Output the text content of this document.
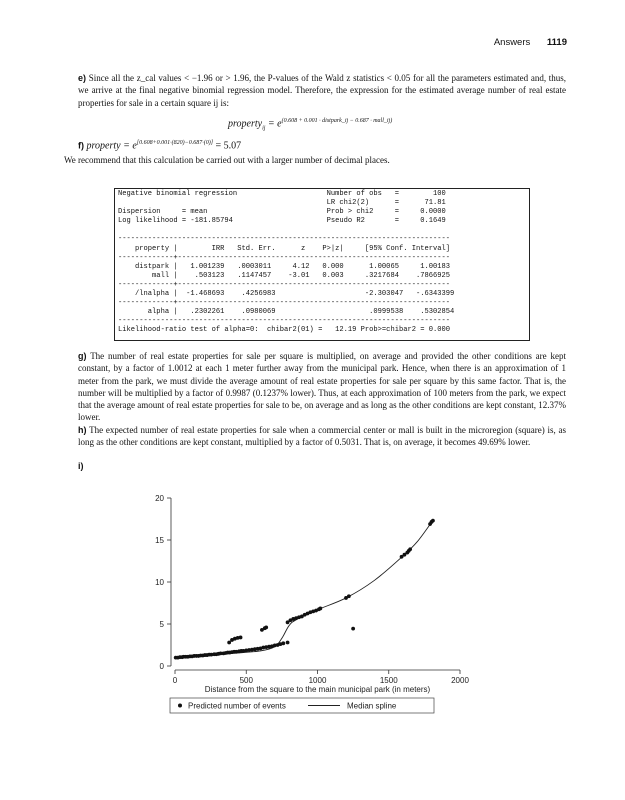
Answers 1119
e) Since all the z_cal values < −1.96 or > 1.96, the P-values of the Wald z statistics < 0.05 for all the parameters estimated and, thus, we arrive at the final negative binomial regression model. Therefore, the expression for the estimated average number of real estate properties for sale in a certain square ij is:
property$_{ij}$ = $e^{(0.608 + 0.001 \cdot distpark\_ij - 0.687 \cdot mall\_ij)}$
f) property = e[0.608+0.001·(820)−0.687·(0)] = 5.07
We recommend that this calculation be carried out with a larger number of decimal places.
Negative binomial regression                     Number of obs   =        100
LR chi2(2)      =      71.81
Dispersion     = mean                            Prob > chi2     =     0.0000
Log likelihood = -181.85794                      Pseudo R2       =     0.1649

------------------------------------------------------------------------------
property |        IRR   Std. Err.      z    P>|z|     [95% Conf. Interval]
-------------+----------------------------------------------------------------
distpark |   1.001239   .0003011     4.12   0.000      1.00065     1.00183
mall |    .503123   .1147457    -3.01   0.003     .3217684    .7866925
-------------+----------------------------------------------------------------
/lnalpha |  -1.468693    .4256983                     -2.303047   -.6343399
-------------+----------------------------------------------------------------
alpha |   .2302261    .0980069                      .0999538    .5302854
------------------------------------------------------------------------------
Likelihood-ratio test of alpha=0:  chibar2(01) =   12.19 Prob>=chibar2 = 0.000
g) The number of real estate properties for sale per square is multiplied, on average and provided the other conditions are kept constant, by a factor of 1.0012 at each 1 meter further away from the municipal park. Hence, when there is an approximation of 1 meter from the park, we must divide the average amount of real estate properties for sale per square by this same factor. That is, the number will be multiplied by a factor of 0.9987 (0.1237% lower). Thus, at each approximation of 100 meters from the park, we expect that the average amount of real estate properties for sale to be, on average and as long as the other conditions are kept constant, 12.37% lower.
h) The expected number of real estate properties for sale when a commercial center or mall is built in the microregion (square) is, as long as the other conditions are kept constant, multiplied by a factor of 0.5031. That is, on average, it becomes 49.69% lower.
i)
0
5
10
15
20
0	500	1000	1500	2000
Distance from the square to the main municipal park (in meters)
Predicted number of events	Median spline
